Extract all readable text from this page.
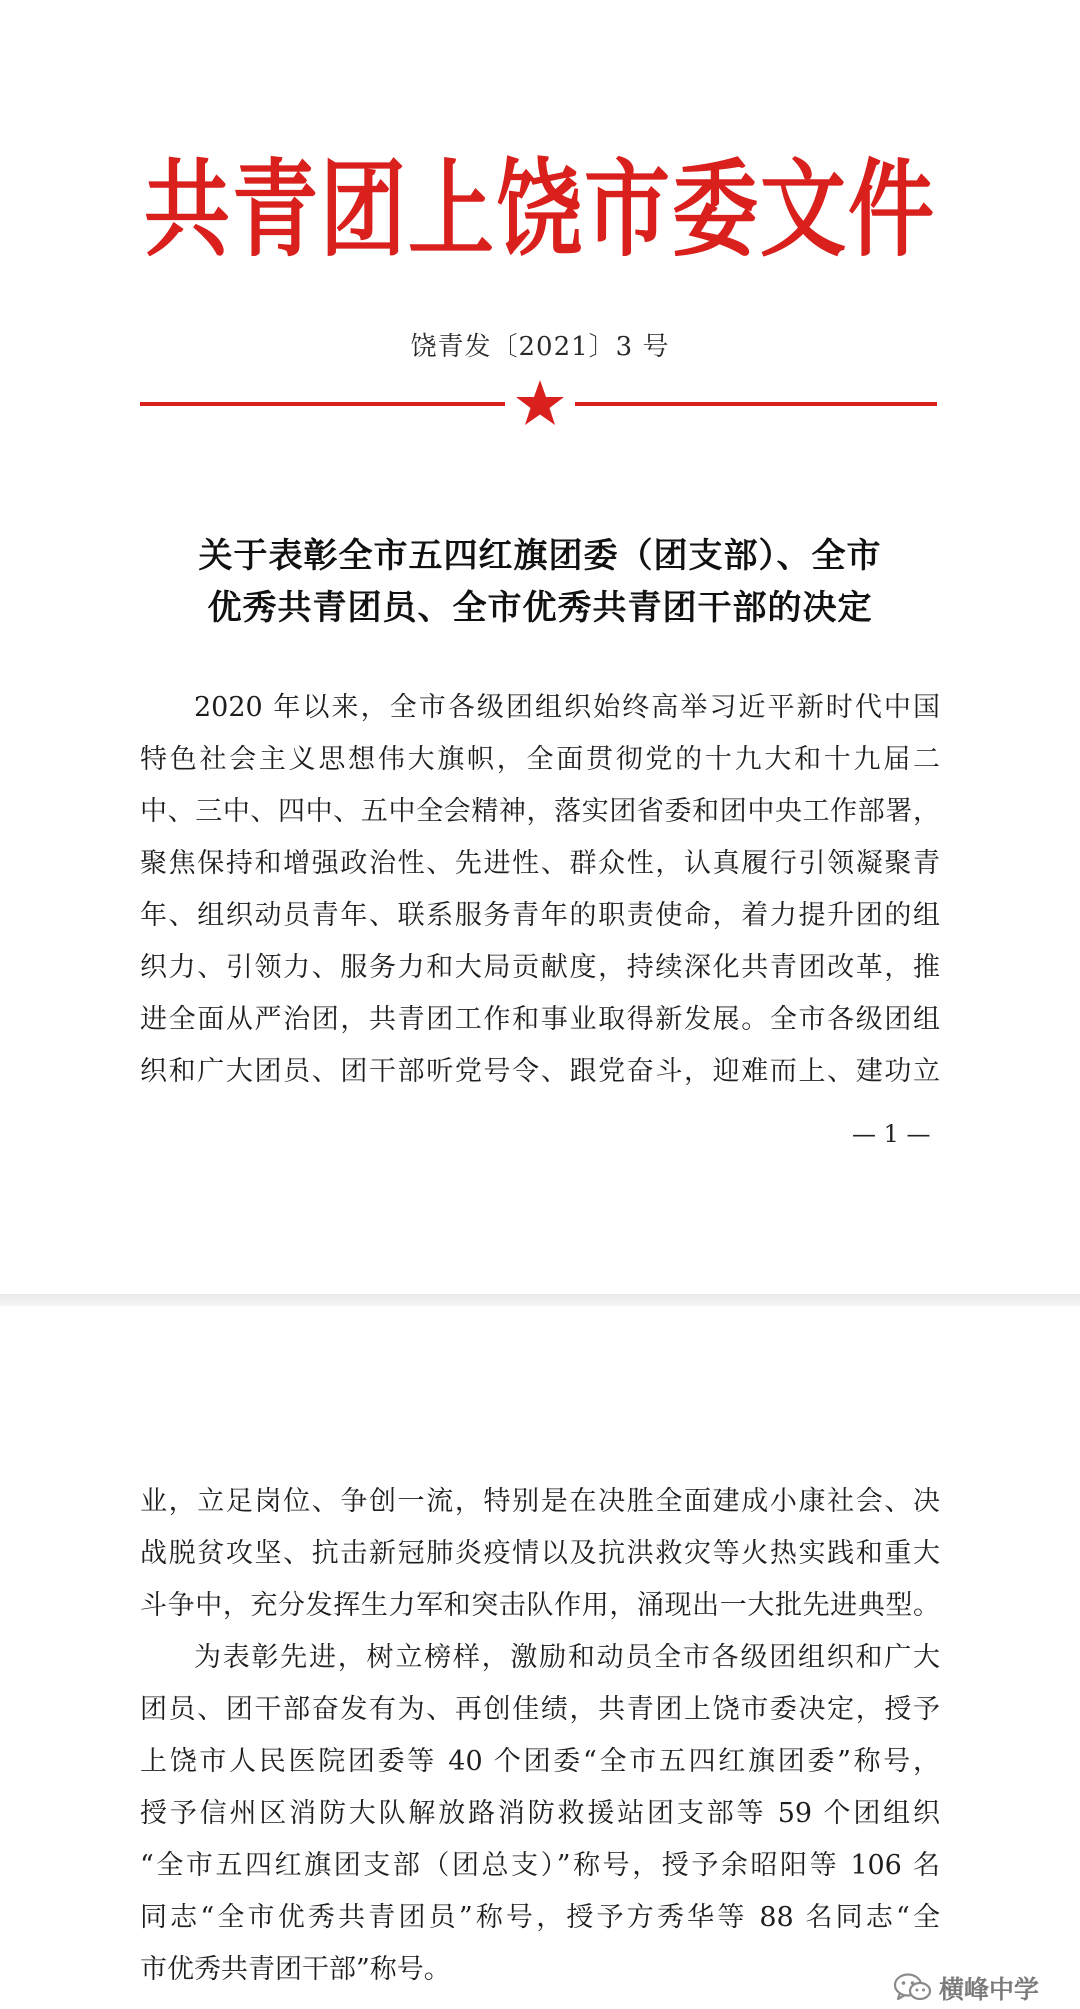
共青团上饶市委文件
饶青发〔2021〕3 号
关于表彰全市五四红旗团委（团支部）、全市
优秀共青团员、全市优秀共青团干部的决定
2020 年以来，全市各级团组织始终高举习近平新时代中国
特色社会主义思想伟大旗帜，全面贯彻党的十九大和十九届二
中、三中、四中、五中全会精神，落实团省委和团中央工作部署，
聚焦保持和增强政治性、先进性、群众性，认真履行引领凝聚青
年、组织动员青年、联系服务青年的职责使命，着力提升团的组
织力、引领力、服务力和大局贡献度，持续深化共青团改革，推
进全面从严治团，共青团工作和事业取得新发展。全市各级团组
织和广大团员、团干部听党号令、跟党奋斗，迎难而上、建功立
— 1 —
业，立足岗位、争创一流，特别是在决胜全面建成小康社会、决
战脱贫攻坚、抗击新冠肺炎疫情以及抗洪救灾等火热实践和重大
斗争中，充分发挥生力军和突击队作用，涌现出一大批先进典型。
为表彰先进，树立榜样，激励和动员全市各级团组织和广大
团员、团干部奋发有为、再创佳绩，共青团上饶市委决定，授予
上饶市人民医院团委等 40 个团委“全市五四红旗团委”称号，
授予信州区消防大队解放路消防救援站团支部等 59 个团组织
“全市五四红旗团支部（团总支）”称号，授予余昭阳等 106 名
同志“全市优秀共青团员”称号，授予方秀华等 88 名同志“全
市优秀共青团干部”称号。
横峰中学
